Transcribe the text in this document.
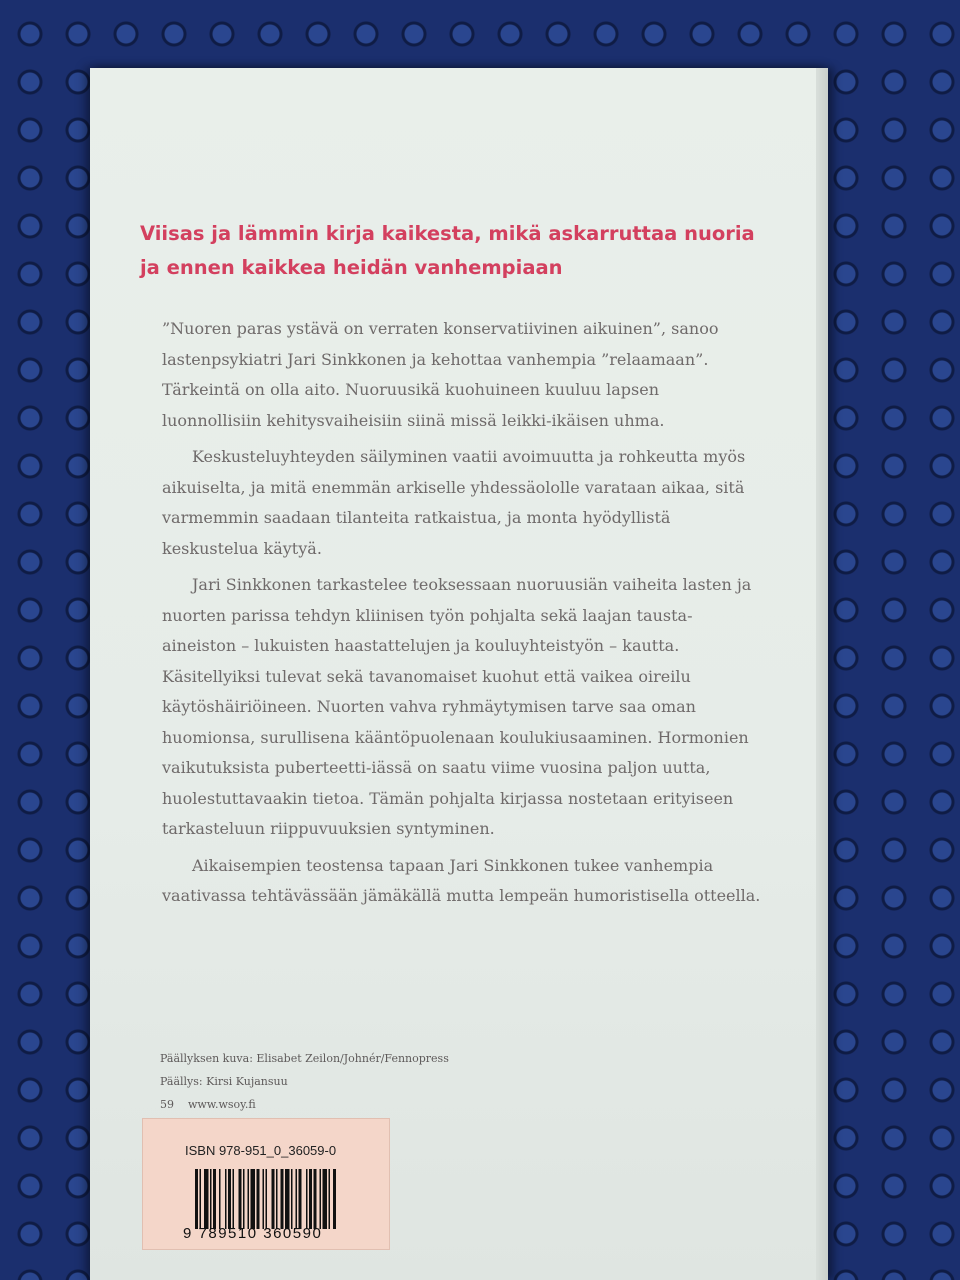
Viisas ja lämmin kirja kaikesta, mikä askarruttaa nuoria
ja ennen kaikkea heidän vanhempiaan

”Nuoren paras ystävä on verraten konservatiivinen aikuinen”, sanoo lastenpsykiatri Jari Sinkkonen ja kehottaa vanhempia ”relaamaan”. Tärkeintä on olla aito. Nuoruusikä kuohuineen kuuluu lapsen luonnollisiin kehitysvaiheisiin siinä missä leikki-ikäisen uhma.

Keskusteluyhteyden säilyminen vaatii avoimuutta ja rohkeutta myös aikuiselta, ja mitä enemmän arkiselle yhdessäololle varataan aikaa, sitä varmemmin saadaan tilanteita ratkaistua, ja monta hyödyllistä keskustelua käytyä.

Jari Sinkkonen tarkastelee teoksessaan nuoruusiän vaiheita lasten ja nuorten parissa tehdyn kliinisen työn pohjalta sekä laajan tausta-aineiston – lukuisten haastattelujen ja kouluyhteistyön – kautta. Käsitellyiksi tulevat sekä tavanomaiset kuohut että vaikea oireilu käytöshäiriöineen. Nuorten vahva ryhmäytymisen tarve saa oman huomionsa, surullisena kääntöpuolenaan koulukiusaaminen. Hormonien vaikutuksista puberteetti-iässä on saatu viime vuosina paljon uutta, huolestuttavaakin tietoa. Tämän pohjalta kirjassa nostetaan erityiseen tarkasteluun riippuvuuksien syntyminen.

Aikaisempien teostensa tapaan Jari Sinkkonen tukee vanhempia vaativassa tehtävässään jämäkällä mutta lempeän humoristisella otteella.

Päällyksen kuva: Elisabet Zeilon/Johnér/Fennopress
Päällys: Kirsi Kujansuu
59 www.wsoy.fi
ISBN 978-951_0_36059-0
9 789510 360590
